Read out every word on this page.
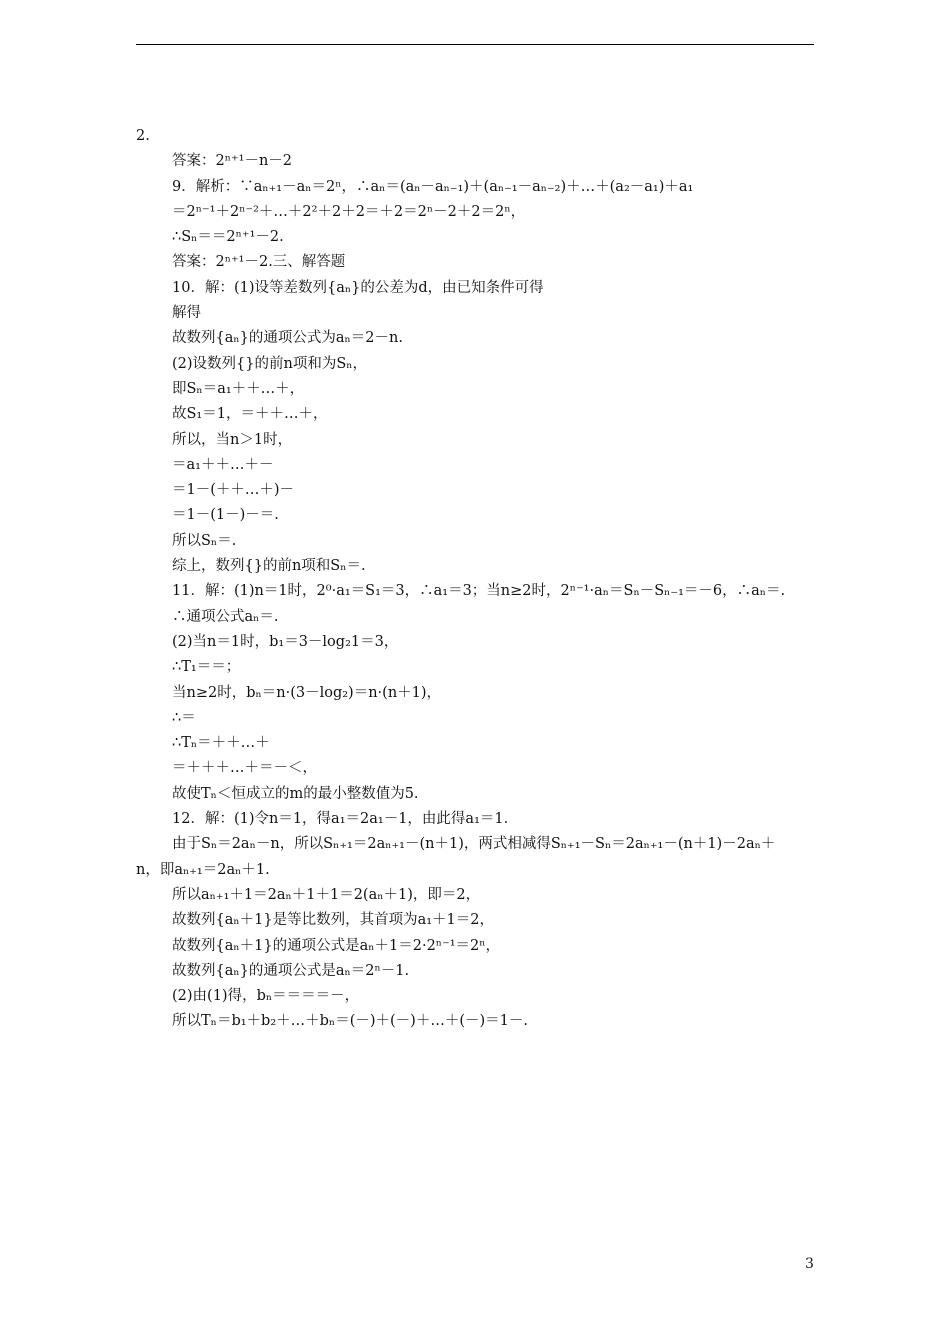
2.
答案：2ⁿ⁺¹－n－2
9．解析：∵aₙ₊₁－aₙ＝2ⁿ，∴aₙ＝(aₙ－aₙ₋₁)＋(aₙ₋₁－aₙ₋₂)＋…＋(a₂－a₁)＋a₁
＝2ⁿ⁻¹＋2ⁿ⁻²＋…＋2²＋2＋2＝＋2＝2ⁿ－2＋2＝2ⁿ，
∴Sₙ＝＝2ⁿ⁺¹－2.
答案：2ⁿ⁺¹－2.三、解答题
10．解：(1)设等差数列{aₙ}的公差为d，由已知条件可得
解得
故数列{aₙ}的通项公式为aₙ＝2－n.
(2)设数列{}的前n项和为Sₙ，
即Sₙ＝a₁＋＋…＋，
故S₁＝1，＝＋＋…＋，
所以，当n＞1时，
＝a₁＋＋…＋－
＝1－(＋＋…＋)－
＝1－(1－)－＝.
所以Sₙ＝.
综上，数列{}的前n项和Sₙ＝.
11．解：(1)n＝1时，2⁰·a₁＝S₁＝3，∴a₁＝3；当n≥2时，2ⁿ⁻¹·aₙ＝Sₙ－Sₙ₋₁＝－6，∴aₙ＝.
∴通项公式aₙ＝.
(2)当n＝1时，b₁＝3－log₂1＝3，
∴T₁＝＝；
当n≥2时，bₙ＝n·(3－log₂)＝n·(n＋1)，
∴＝
∴Tₙ＝＋＋…＋
＝＋＋＋…＋＝－＜，
故使Tₙ＜恒成立的m的最小整数值为5.
12．解：(1)令n＝1，得a₁＝2a₁－1，由此得a₁＝1.
由于Sₙ＝2aₙ－n，所以Sₙ₊₁＝2aₙ₊₁－(n＋1)，两式相减得Sₙ₊₁－Sₙ＝2aₙ₊₁－(n＋1)－2aₙ＋
n，即aₙ₊₁＝2aₙ＋1.
所以aₙ₊₁＋1＝2aₙ＋1＋1＝2(aₙ＋1)，即＝2，
故数列{aₙ＋1}是等比数列，其首项为a₁＋1＝2，
故数列{aₙ＋1}的通项公式是aₙ＋1＝2·2ⁿ⁻¹＝2ⁿ，
故数列{aₙ}的通项公式是aₙ＝2ⁿ－1.
(2)由(1)得，bₙ＝＝＝＝－，
所以Tₙ＝b₁＋b₂＋…＋bₙ＝(－)＋(－)＋…＋(－)＝1－.
3
